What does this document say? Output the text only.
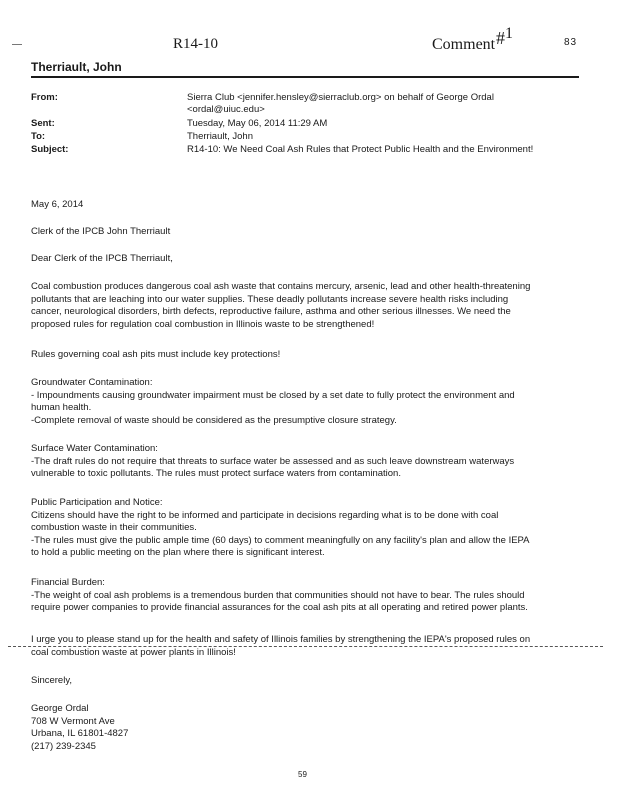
R14-10	Comment #1
83
Therriault, John
From:	Sierra Club <jennifer.hensley@sierraclub.org> on behalf of George Ordal
<ordal@uiuc.edu>
Sent:	Tuesday, May 06, 2014 11:29 AM
To:	Therriault, John
Subject:	R14-10: We Need Coal Ash Rules that Protect Public Health and the Environment!
May 6, 2014
Clerk of the IPCB John Therriault
Dear Clerk of the IPCB Therriault,

Coal combustion produces dangerous coal ash waste that contains mercury, arsenic, lead and other health-threatening

pollutants that are leaching into our water supplies. These deadly pollutants increase severe health risks including

cancer, neurological disorders, birth defects, reproductive failure, asthma and other serious illnesses. We need the

proposed rules for regulation coal combustion in Illinois waste to be strengthened!

Rules governing coal ash pits must include key protections!

Groundwater Contamination:

- Impoundments causing groundwater impairment must be closed by a set date to fully protect the environment and

human health.

-Complete removal of waste should be considered as the presumptive closure strategy.

Surface Water Contamination:

-The draft rules do not require that threats to surface water be assessed and as such leave downstream waterways

vulnerable to toxic pollutants. The rules must protect surface waters from contamination.

Public Participation and Notice:

Citizens should have the right to be informed and participate in decisions regarding what is to be done with coal

combustion waste in their communities.

-The rules must give the public ample time (60 days) to comment meaningfully on any facility's plan and allow the IEPA

to hold a public meeting on the plan where there is significant interest.

Financial Burden:

-The weight of coal ash problems is a tremendous burden that communities should not have to bear. The rules should

require power companies to provide financial assurances for the coal ash pits at all operating and retired power plants.

I urge you to please stand up for the health and safety of Illinois families by strengthening the IEPA's proposed rules on

coal combustion waste at power plants in Illinois!

Sincerely,

George Ordal

708 W Vermont Ave

Urbana, IL 61801-4827

(217) 239-2345

59
